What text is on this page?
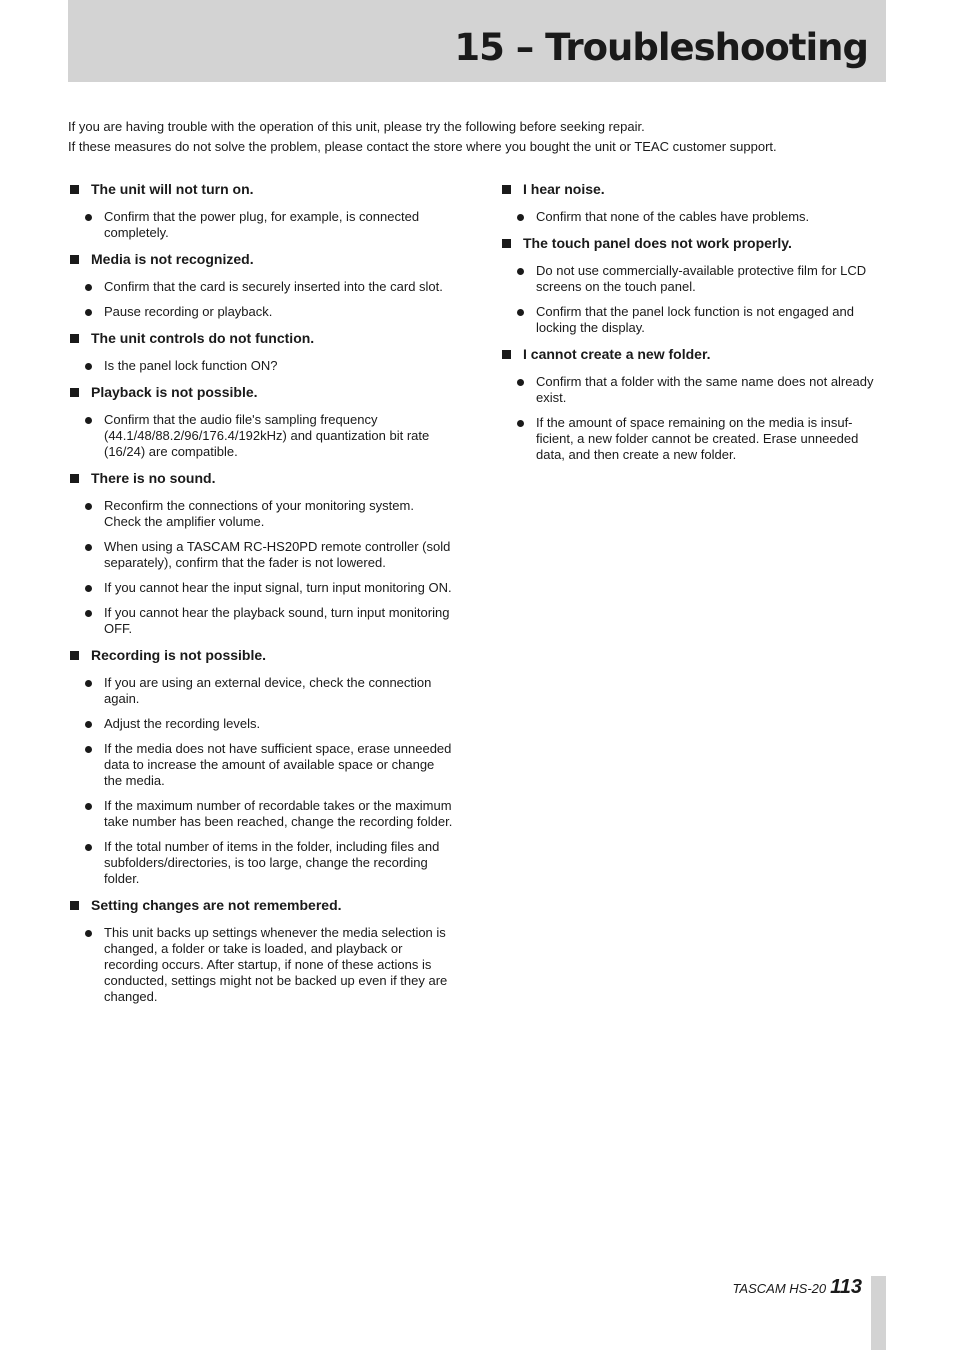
15 – Troubleshooting

If you are having trouble with the operation of this unit, please try the following before seeking repair.

If these measures do not solve the problem, please contact the store where you bought the unit or TEAC customer support.

The unit will not turn on.
Confirm that the power plug, for example, is connected completely.
Media is not recognized.
Confirm that the card is securely inserted into the card slot.
Pause recording or playback.
The unit controls do not function.
Is the panel lock function ON?
Playback is not possible.
Confirm that the audio file's sampling frequency (44.1/48/88.2/96/176.4/192kHz) and quantization bit rate (16/24) are compatible.
There is no sound.
Reconfirm the connections of your monitoring system. Check the amplifier volume.
When using a TASCAM RC-HS20PD remote controller (sold separately), confirm that the fader is not lowered.
If you cannot hear the input signal, turn input monitoring ON.
If you cannot hear the playback sound, turn input monitoring OFF.
Recording is not possible.
If you are using an external device, check the connection again.
Adjust the recording levels.
If the media does not have sufficient space, erase unneeded data to increase the amount of available space or change the media.
If the maximum number of recordable takes or the maximum take number has been reached, change the recording folder.
If the total number of items in the folder, including files and subfolders/directories, is too large, change the recording folder.
Setting changes are not remembered.
This unit backs up settings whenever the media selection is changed, a folder or take is loaded, and playback or recording occurs. After startup, if none of these actions is conducted, settings might not be backed up even if they are changed.
I hear noise.
Confirm that none of the cables have problems.
The touch panel does not work properly.
Do not use commercially-available protective film for LCD screens on the touch panel.
Confirm that the panel lock function is not engaged and locking the display.
I cannot create a new folder.
Confirm that a folder with the same name does not already exist.
If the amount of space remaining on the media is insuf-ficient, a new folder cannot be created. Erase unneeded data, and then create a new folder.
TASCAM HS-20 113
